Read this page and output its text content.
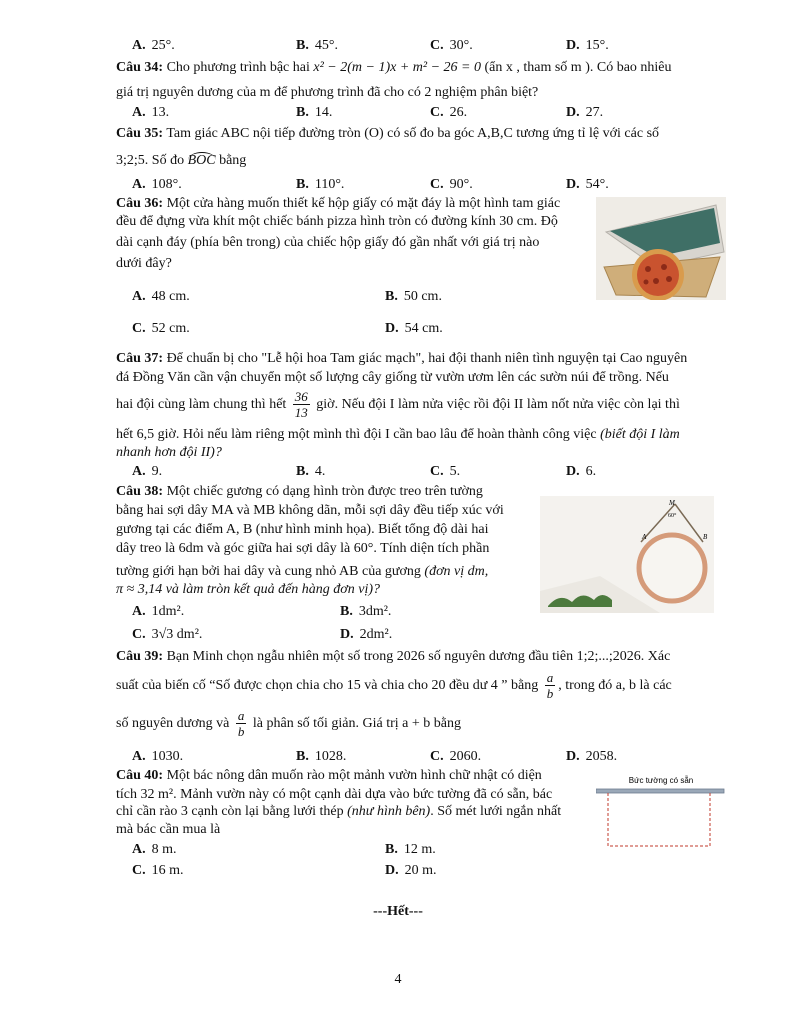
A. 25°.	B. 45°.	C. 30°.	D. 15°.
Câu 34: Cho phương trình bậc hai x² − 2(m − 1)x + m² − 26 = 0 (ẩn x , tham số m ). Có bao nhiêu
giá trị nguyên dương của m để phương trình đã cho có 2 nghiệm phân biệt?
A. 13.	B. 14.	C. 26.	D. 27.
Câu 35: Tam giác ABC nội tiếp đường tròn (O) có số đo ba góc A,B,C tương ứng tỉ lệ với các số
3;2;5. Số đo BOC bằng
A. 108°.	B. 110°.	C. 90°.	D. 54°.
Câu 36: Một cửa hàng muốn thiết kế hộp giấy có mặt đáy là một hình tam giác
đều để đựng vừa khít một chiếc bánh pizza hình tròn có đường kính 30 cm. Độ
dài cạnh đáy (phía bên trong) của chiếc hộp giấy đó gần nhất với giá trị nào
dưới đây?
A. 48 cm.	B. 50 cm.
C. 52 cm.	D. 54 cm.
Câu 37: Để chuẩn bị cho "Lễ hội hoa Tam giác mạch", hai đội thanh niên tình nguyện tại Cao nguyên
đá Đồng Văn cần vận chuyển một số lượng cây giống từ vườn ươm lên các sườn núi để trồng. Nếu
hai đội cùng làm chung thì hết $\frac{36}{13}$ giờ. Nếu đội I làm nửa việc rồi đội II làm nốt nửa việc còn lại thì
hết 6,5 giờ. Hỏi nếu làm riêng một mình thì đội I cần bao lâu để hoàn thành công việc (biết đội I làm
nhanh hơn đội II)?
A. 9.	B. 4.	C. 5.	D. 6.
Câu 38: Một chiếc gương có dạng hình tròn được treo trên tường
bằng hai sợi dây MA và MB không dãn, mỗi sợi dây đều tiếp xúc với
gương tại các điểm A, B (như hình minh họa). Biết tổng độ dài hai
dây treo là 6dm và góc giữa hai sợi dây là 60°. Tính diện tích phần
tường giới hạn bởi hai dây và cung nhỏ AB của gương (đơn vị dm,
π ≈ 3,14 và làm tròn kết quả đến hàng đơn vị)?
M
60°
A	B
A. 1dm².	B. 3dm².
C. 3√3 dm².	D. 2dm².
Câu 39: Bạn Minh chọn ngẫu nhiên một số trong 2026 số nguyên dương đầu tiên 1;2;...;2026. Xác
suất của biến cố “Số được chọn chia cho 15 và chia cho 20 đều dư 4 ” bằng $\frac{a}{b}$ , trong đó a, b là các
số nguyên dương và $\frac{a}{b}$ là phân số tối giản. Giá trị a + b bằng
A. 1030.	B. 1028.	C. 2060.	D. 2058.
Câu 40: Một bác nông dân muốn rào một mảnh vườn hình chữ nhật có diện
tích 32 m². Mảnh vườn này có một cạnh dài dựa vào bức tường đã có sẵn, bác
chỉ cần rào 3 cạnh còn lại bằng lưới thép (như hình bên). Số mét lưới ngắn nhất
mà bác cần mua là
Bức tường có sẵn
A. 8 m.	B. 12 m.
C. 16 m.	D. 20 m.
---Hết---
4
